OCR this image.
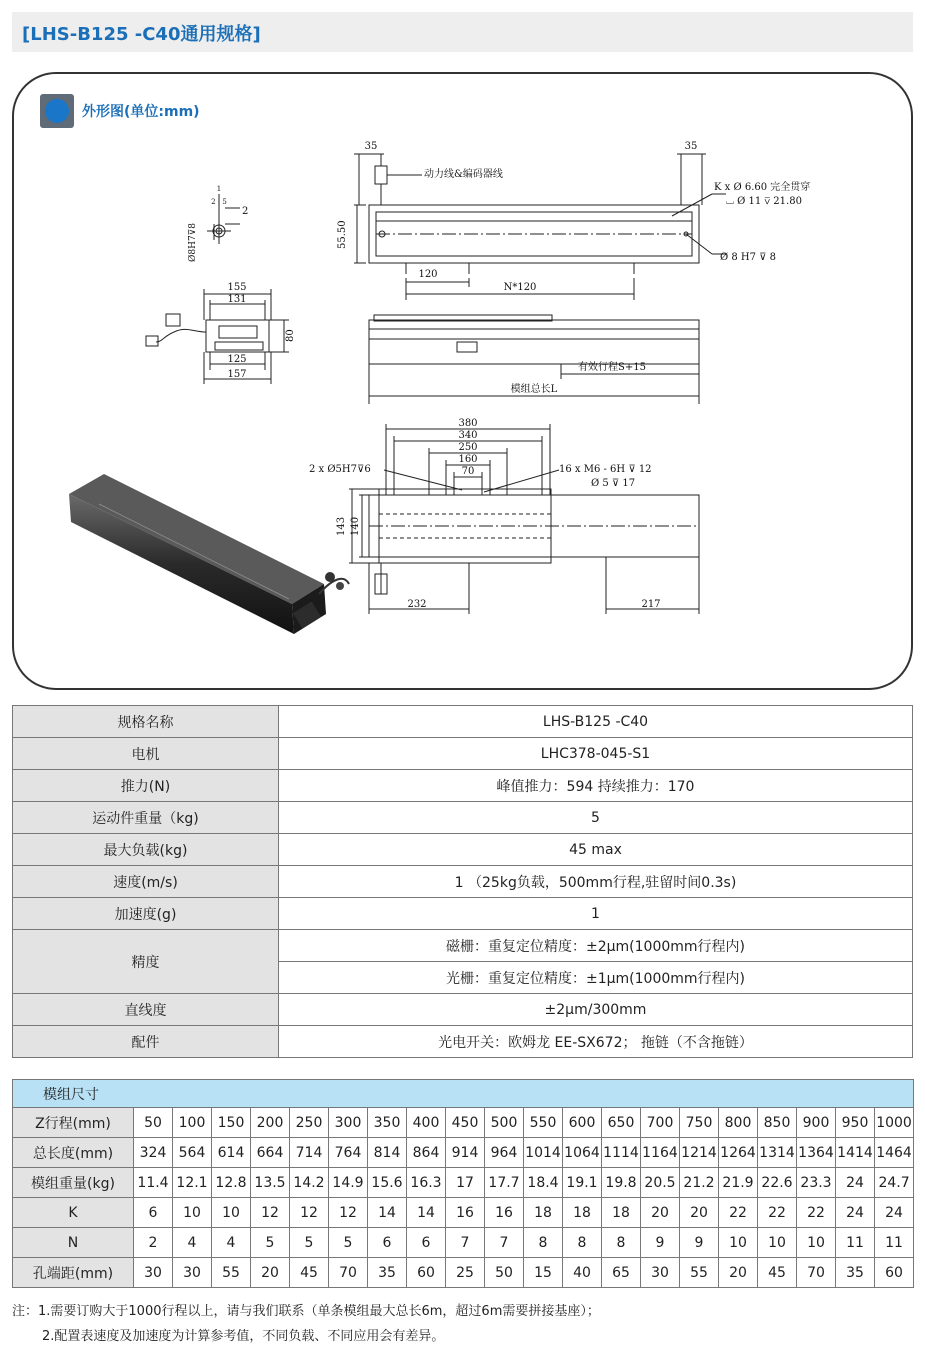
[LHS-B125 -C40通用规格]
外形图(单位:mm)
35	35
动力线&编码器线
K x Ø 6.60 完全贯穿
⌴ Ø 11 ⊽ 21.80
Ø 8 H7 ⊽ 8
55.50
120
N*120
有效行程S+15
模组总长L
1
2 : 5
2
Ø8H7⊽8
155
131
80
125
157
380
340
250
160
70
2 x Ø5H7⊽6	16 x M6 - 6H ⊽ 12
Ø 5 ⊽ 17
143 140
232	217
规格名称	LHS-B125 -C40
电机	LHC378-045-S1
推力(N)	峰值推力：594 持续推力：170
运动件重量（kg)	5
最大负载(kg)	45 max
速度(m/s)	1 （25kg负载，500mm行程,驻留时间0.3s)
加速度(g)	1
精度	磁栅：重复定位精度：±2μm(1000mm行程内)
	光栅：重复定位精度：±1μm(1000mm行程内)
直线度	±2μm/300mm
配件	光电开关：欧姆龙 EE-SX672； 拖链（不含拖链）
模组尺寸																				
Z行程(mm)	50	100	150	200	250	300	350	400	450	500	550	600	650	700	750	800	850	900	950	1000
总长度(mm)	324	564	614	664	714	764	814	864	914	964	1014	1064	1114	1164	1214	1264	1314	1364	1414	1464
模组重量(kg)	11.4	12.1	12.8	13.5	14.2	14.9	15.6	16.3	17	17.7	18.4	19.1	19.8	20.5	21.2	21.9	22.6	23.3	24	24.7
K	6	10	10	12	12	12	14	14	16	16	18	18	18	20	20	22	22	22	24	24
N	2	4	4	5	5	5	6	6	7	7	8	8	8	9	9	10	10	10	11	11
孔端距(mm)	30	30	55	20	45	70	35	60	25	50	15	40	65	30	55	20	45	70	35	60
注：1.需要订购大于1000行程以上，请与我们联系（单条模组最大总长6m，超过6m需要拼接基座）；
2.配置表速度及加速度为计算参考值，不同负载、不同应用会有差异。
